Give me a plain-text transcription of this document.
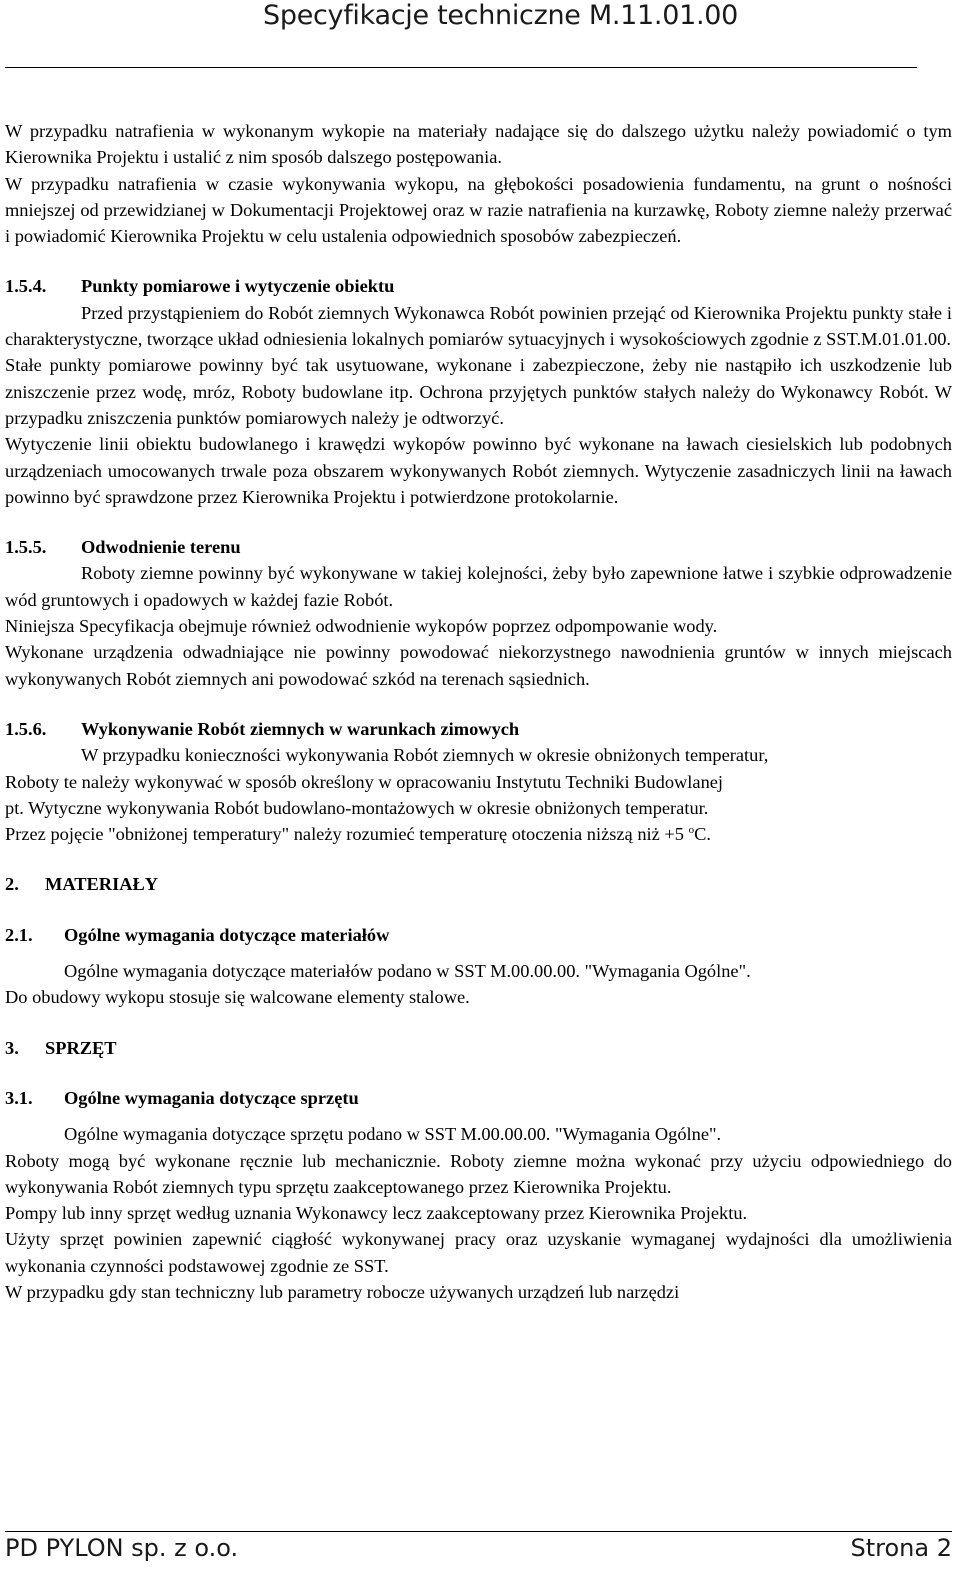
Specyfikacje techniczne M.11.01.00

W przypadku natrafienia w wykonanym wykopie na materiały nadające się do dalszego użytku należy powiadomić o tym Kierownika Projektu i ustalić z nim sposób dalszego postępowania.

W przypadku natrafienia w czasie wykonywania wykopu, na głębokości posadowienia fundamentu, na grunt o nośności mniejszej od przewidzianej w Dokumentacji Projektowej oraz w razie natrafienia na kurzawkę, Roboty ziemne należy przerwać i powiadomić Kierownika Projektu w celu ustalenia odpowiednich sposobów zabezpieczeń.

1.5.4. Punkty pomiarowe i wytyczenie obiektu

Przed przystąpieniem do Robót ziemnych Wykonawca Robót powinien przejąć od Kierownika Projektu punkty stałe i charakterystyczne, tworzące układ odniesienia lokalnych pomiarów sytuacyjnych i wysokościowych zgodnie z SST.M.01.01.00.

Stałe punkty pomiarowe powinny być tak usytuowane, wykonane i zabezpieczone, żeby nie nastąpiło ich uszkodzenie lub zniszczenie przez wodę, mróz, Roboty budowlane itp. Ochrona przyjętych punktów stałych należy do Wykonawcy Robót. W przypadku zniszczenia punktów pomiarowych należy je odtworzyć.

Wytyczenie linii obiektu budowlanego i krawędzi wykopów powinno być wykonane na ławach ciesielskich lub podobnych urządzeniach umocowanych trwale poza obszarem wykonywanych Robót ziemnych. Wytyczenie zasadniczych linii na ławach powinno być sprawdzone przez Kierownika Projektu i potwierdzone protokolarnie.

1.5.5. Odwodnienie terenu

Roboty ziemne powinny być wykonywane w takiej kolejności, żeby było zapewnione łatwe i szybkie odprowadzenie wód gruntowych i opadowych w każdej fazie Robót.

Niniejsza Specyfikacja obejmuje również odwodnienie wykopów poprzez odpompowanie wody.

Wykonane urządzenia odwadniające nie powinny powodować niekorzystnego nawodnienia gruntów w innych miejscach wykonywanych Robót ziemnych ani powodować szkód na terenach sąsiednich.

1.5.6. Wykonywanie Robót ziemnych w warunkach zimowych

W przypadku konieczności wykonywania Robót ziemnych w okresie obniżonych temperatur,

Roboty te należy wykonywać w sposób określony w opracowaniu Instytutu Techniki Budowlanej

pt. Wytyczne wykonywania Robót budowlano-montażowych w okresie obniżonych temperatur.

Przez pojęcie "obniżonej temperatury" należy rozumieć temperaturę otoczenia niższą niż +5 $^o$C.

2. MATERIAŁY

2.1. Ogólne wymagania dotyczące materiałów

Ogólne wymagania dotyczące materiałów podano w SST M.00.00.00. "Wymagania Ogólne".

Do obudowy wykopu stosuje się walcowane elementy stalowe.

3. SPRZĘT

3.1. Ogólne wymagania dotyczące sprzętu

Ogólne wymagania dotyczące sprzętu podano w SST M.00.00.00. "Wymagania Ogólne".

Roboty mogą być wykonane ręcznie lub mechanicznie. Roboty ziemne można wykonać przy użyciu odpowiedniego do wykonywania Robót ziemnych typu sprzętu zaakceptowanego przez Kierownika Projektu.

Pompy lub inny sprzęt według uznania Wykonawcy lecz zaakceptowany przez Kierownika Projektu.

Użyty sprzęt powinien zapewnić ciągłość wykonywanej pracy oraz uzyskanie wymaganej wydajności dla umożliwienia wykonania czynności podstawowej zgodnie ze SST.

W przypadku gdy stan techniczny lub parametry robocze używanych urządzeń lub narzędzi

PD PYLON sp. z o.o.	Strona 2
